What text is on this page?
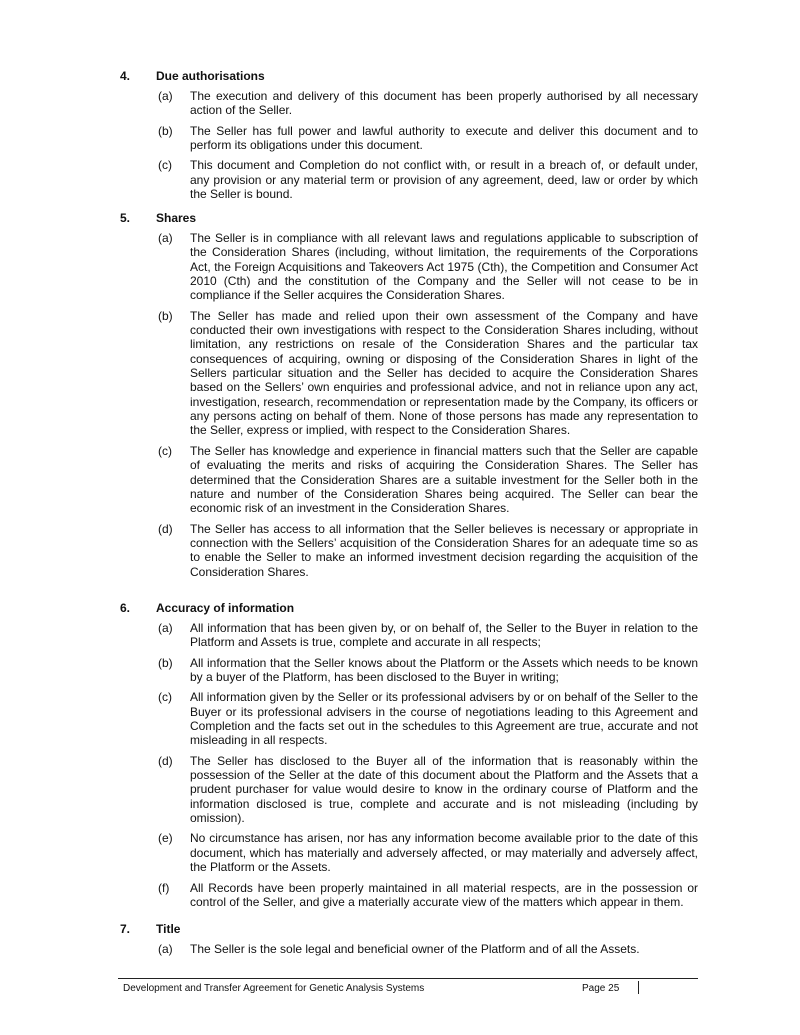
4.	Due authorisations
(a)	The execution and delivery of this document has been properly authorised by all necessary action of the Seller.
(b)	The Seller has full power and lawful authority to execute and deliver this document and to perform its obligations under this document.
(c)	This document and Completion do not conflict with, or result in a breach of, or default under, any provision or any material term or provision of any agreement, deed, law or order by which the Seller is bound.
5.	Shares
(a)	The Seller is in compliance with all relevant laws and regulations applicable to subscription of the Consideration Shares (including, without limitation, the requirements of the Corporations Act, the Foreign Acquisitions and Takeovers Act 1975 (Cth), the Competition and Consumer Act 2010 (Cth) and the constitution of the Company and the Seller will not cease to be in compliance if the Seller acquires the Consideration Shares.
(b)	The Seller has made and relied upon their own assessment of the Company and have conducted their own investigations with respect to the Consideration Shares including, without limitation, any restrictions on resale of the Consideration Shares and the particular tax consequences of acquiring, owning or disposing of the Consideration Shares in light of the Sellers particular situation and the Seller has decided to acquire the Consideration Shares based on the Sellers’ own enquiries and professional advice, and not in reliance upon any act, investigation, research, recommendation or representation made by the Company, its officers or any persons acting on behalf of them. None of those persons has made any representation to the Seller, express or implied, with respect to the Consideration Shares.
(c)	The Seller has knowledge and experience in financial matters such that the Seller are capable of evaluating the merits and risks of acquiring the Consideration Shares. The Seller has determined that the Consideration Shares are a suitable investment for the Seller both in the nature and number of the Consideration Shares being acquired. The Seller can bear the economic risk of an investment in the Consideration Shares.
(d)	The Seller has access to all information that the Seller believes is necessary or appropriate in connection with the Sellers’ acquisition of the Consideration Shares for an adequate time so as to enable the Seller to make an informed investment decision regarding the acquisition of the Consideration Shares.
6.	Accuracy of information
(a)	All information that has been given by, or on behalf of, the Seller to the Buyer in relation to the Platform and Assets is true, complete and accurate in all respects;
(b)	All information that the Seller knows about the Platform or the Assets which needs to be known by a buyer of the Platform, has been disclosed to the Buyer in writing;
(c)	All information given by the Seller or its professional advisers by or on behalf of the Seller to the Buyer or its professional advisers in the course of negotiations leading to this Agreement and Completion and the facts set out in the schedules to this Agreement are true, accurate and not misleading in all respects.
(d)	The Seller has disclosed to the Buyer all of the information that is reasonably within the possession of the Seller at the date of this document about the Platform and the Assets that a prudent purchaser for value would desire to know in the ordinary course of Platform and the information disclosed is true, complete and accurate and is not misleading (including by omission).
(e)	No circumstance has arisen, nor has any information become available prior to the date of this document, which has materially and adversely affected, or may materially and adversely affect, the Platform or the Assets.
(f)	All Records have been properly maintained in all material respects, are in the possession or control of the Seller, and give a materially accurate view of the matters which appear in them.
7.	Title
(a)	The Seller is the sole legal and beneficial owner of the Platform and of all the Assets.
Development and Transfer Agreement for Genetic Analysis Systems	Page 25
